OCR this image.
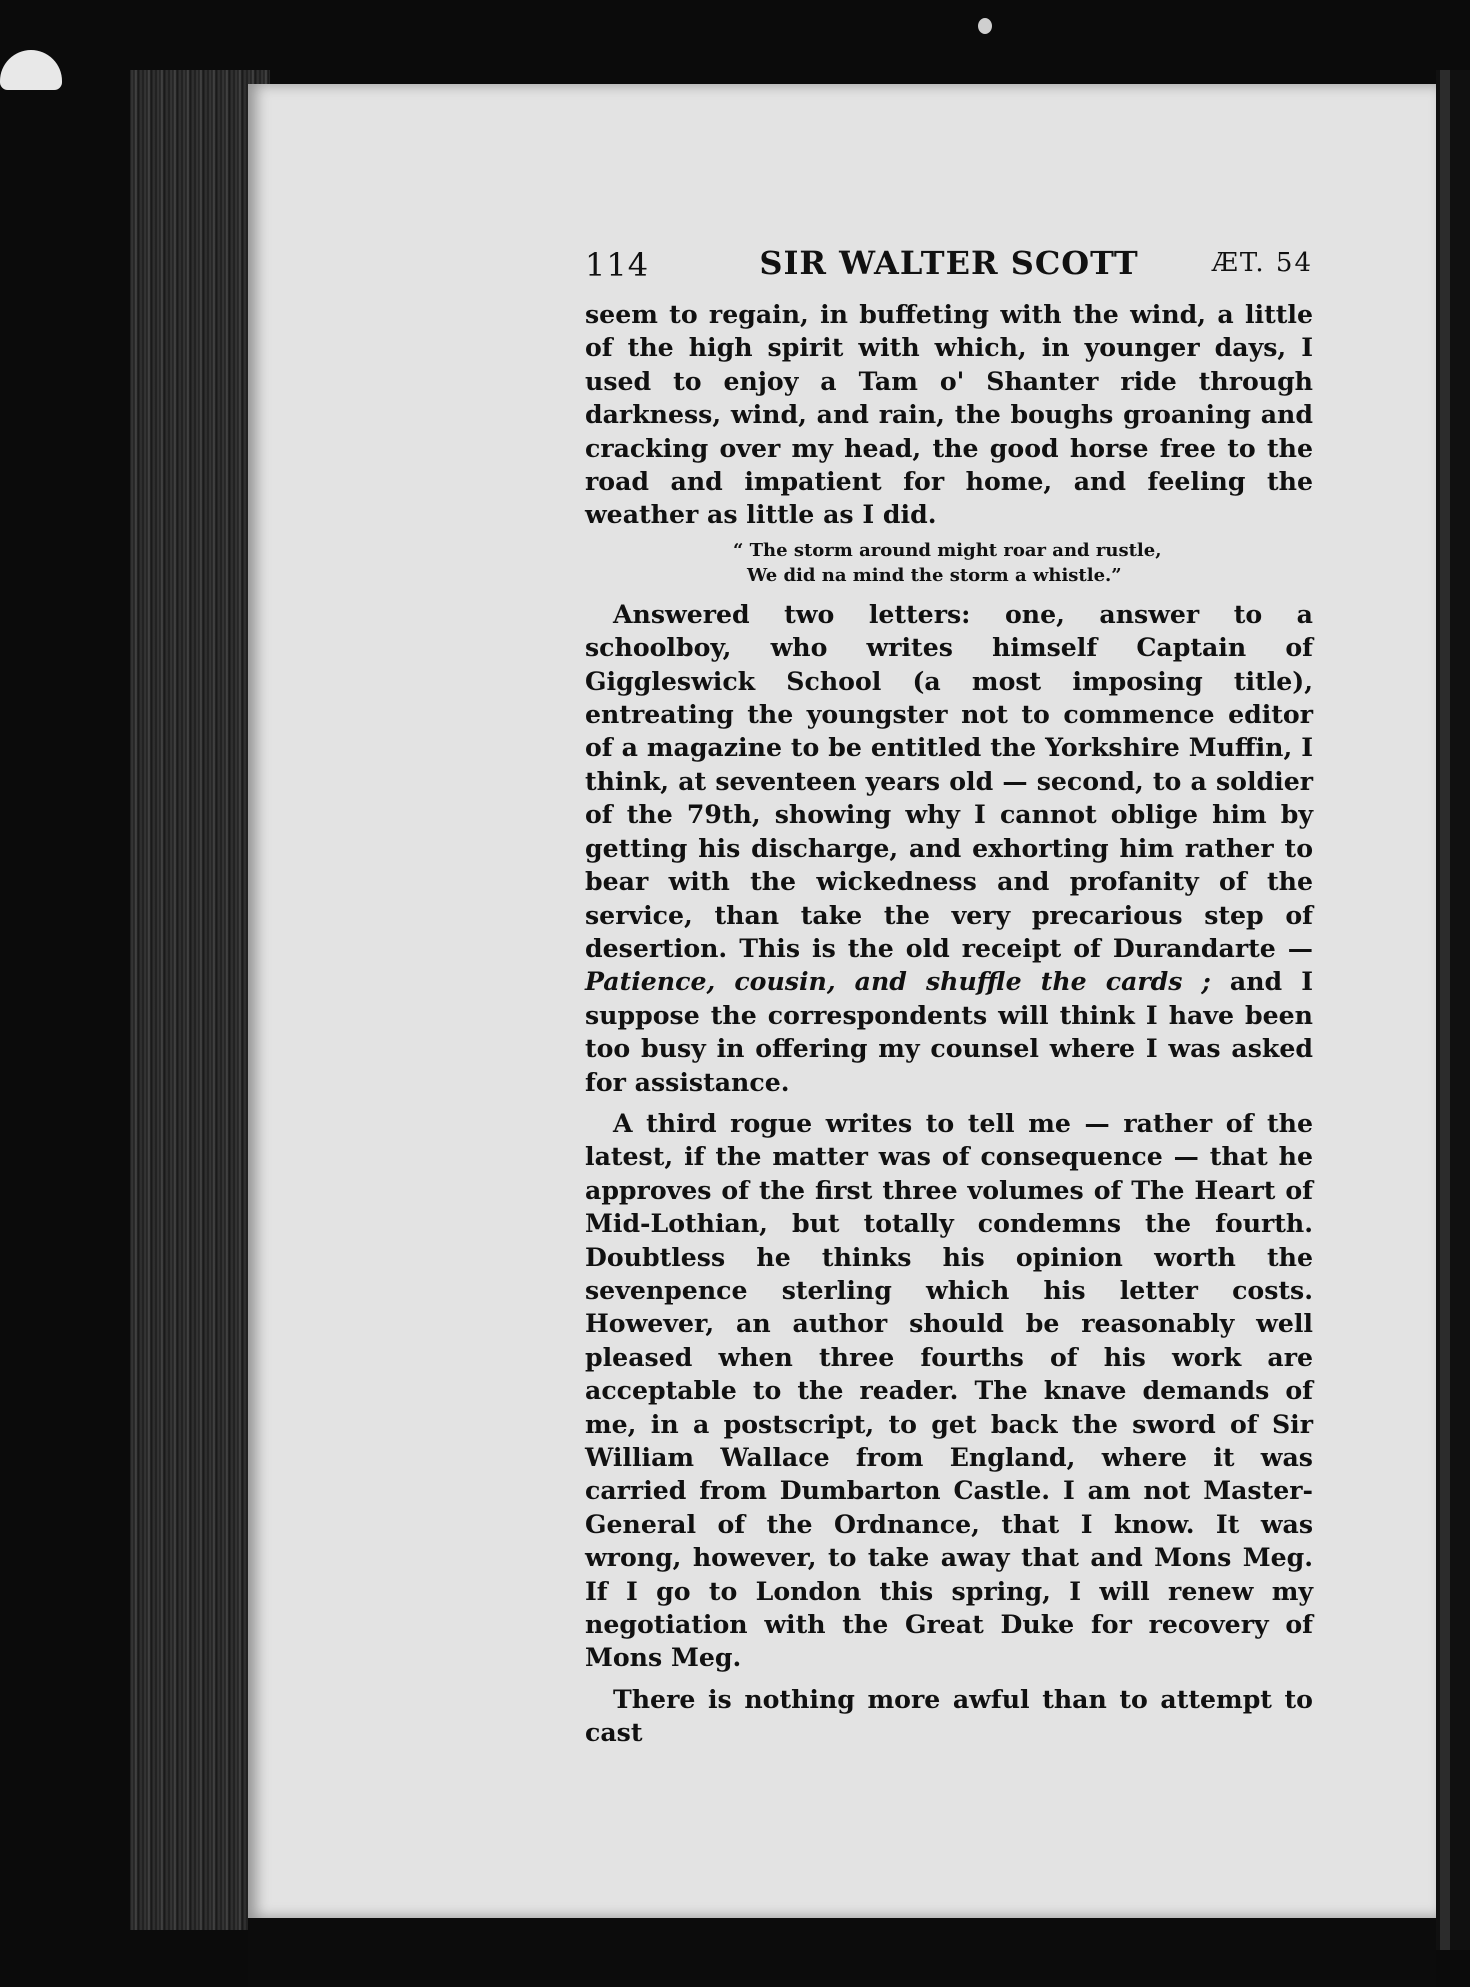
114	SIR WALTER SCOTT	ÆT. 54

seem to regain, in buffeting with the wind, a little of the high spirit with which, in younger days, I used to enjoy a Tam o' Shanter ride through darkness, wind, and rain, the boughs groaning and cracking over my head, the good horse free to the road and impatient for home, and feeling the weather as little as I did.

“ The storm around might roar and rustle,
We did na mind the storm a whistle.”

Answered two letters: one, answer to a schoolboy, who writes himself Captain of Giggleswick School (a most imposing title), entreating the youngster not to commence editor of a magazine to be entitled the Yorkshire Muffin, I think, at seventeen years old — second, to a soldier of the 79th, showing why I cannot oblige him by getting his discharge, and exhorting him rather to bear with the wickedness and profanity of the service, than take the very precarious step of desertion. This is the old receipt of Durandarte — Patience, cousin, and shuffle the cards ; and I suppose the correspondents will think I have been too busy in offering my counsel where I was asked for assistance.

A third rogue writes to tell me — rather of the latest, if the matter was of consequence — that he approves of the first three volumes of The Heart of Mid-Lothian, but totally condemns the fourth. Doubtless he thinks his opinion worth the sevenpence sterling which his letter costs. However, an author should be reasonably well pleased when three fourths of his work are acceptable to the reader. The knave demands of me, in a postscript, to get back the sword of Sir William Wallace from England, where it was carried from Dumbarton Castle. I am not Master-General of the Ordnance, that I know. It was wrong, however, to take away that and Mons Meg. If I go to London this spring, I will renew my negotiation with the Great Duke for recovery of Mons Meg.

There is nothing more awful than to attempt to cast
